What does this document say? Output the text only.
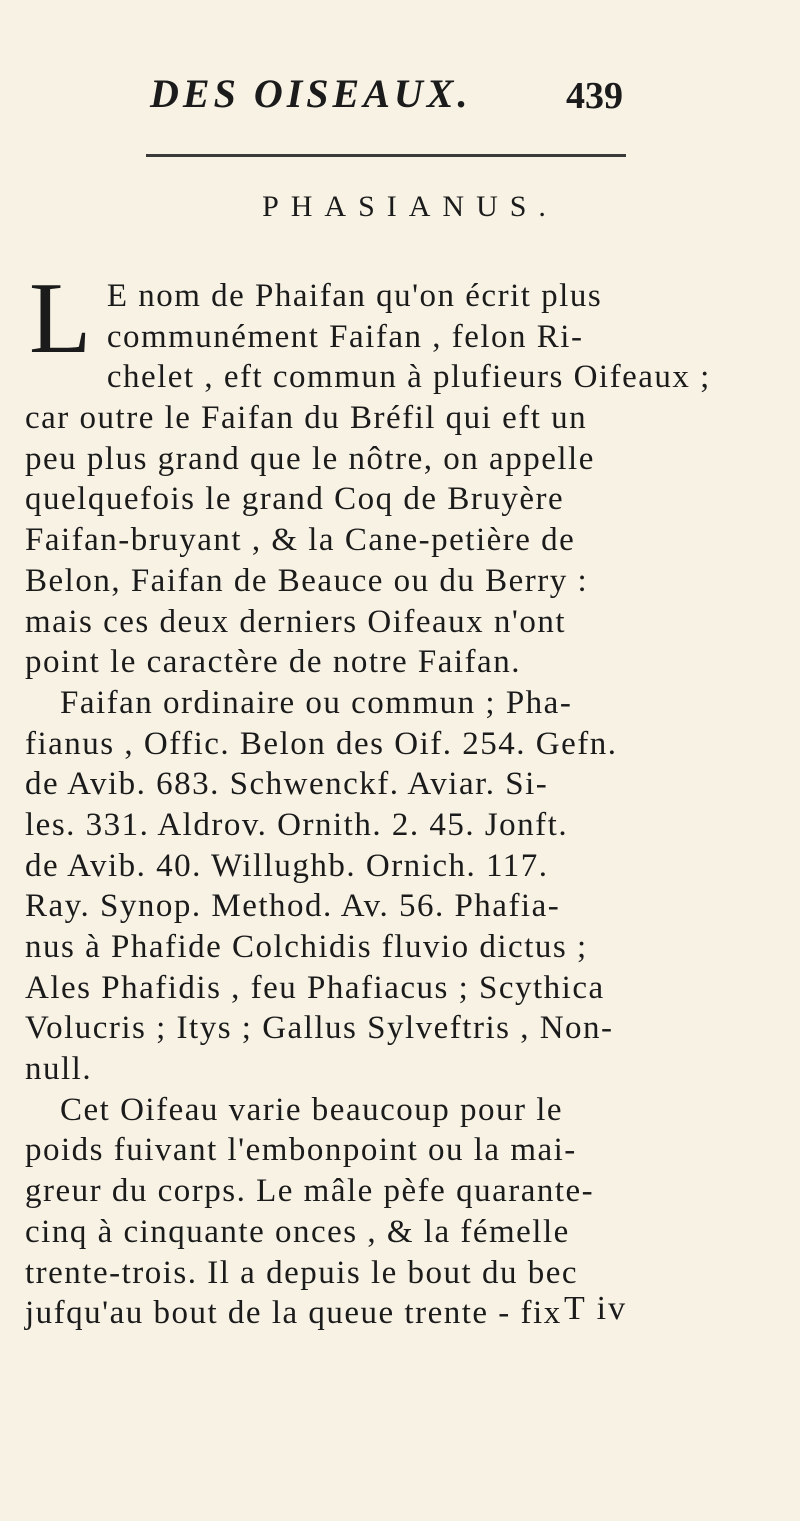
DES OISEAUX. 439
PHASIANUS.
L E nom de Phaifan qu'on écrit plus
communément Faifan , felon Ri-
chelet , eft commun à plufieurs Oifeaux ;
car outre le Faifan du Bréfil qui eft un
peu plus grand que le nôtre, on appelle
quelquefois le grand Coq de Bruyère
Faifan-bruyant , & la Cane-petière de
Belon, Faifan de Beauce ou du Berry :
mais ces deux derniers Oifeaux n'ont
point le caractère de notre Faifan.
Faifan ordinaire ou commun ; Pha-
fianus , Offic. Belon des Oif. 254. Gefn.
de Avib. 683. Schwenckf. Aviar. Si-
les. 331. Aldrov. Ornith. 2. 45. Jonft.
de Avib. 40. Willughb. Ornich. 117.
Ray. Synop. Method. Av. 56. Phafia-
nus à Phafide Colchidis fluvio dictus ;
Ales Phafidis , feu Phafiacus ; Scythica
Volucris ; Itys ; Gallus Sylveftris , Non-
null.
Cet Oifeau varie beaucoup pour le
poids fuivant l'embonpoint ou la mai-
greur du corps. Le mâle pèfe quarante-
cinq à cinquante onces , & la fémelle
trente-trois. Il a depuis le bout du bec
jufqu'au bout de la queue trente - fix T iv
